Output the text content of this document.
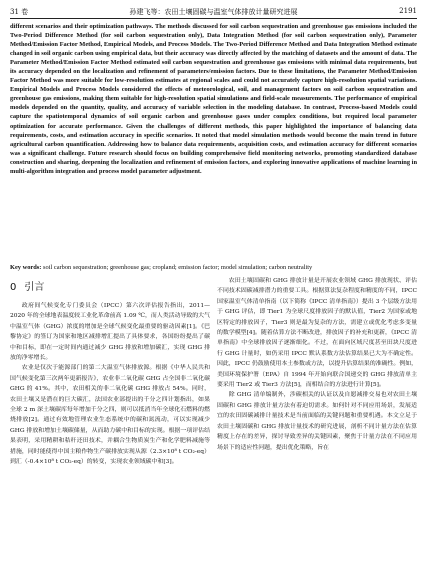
31 卷	孙建飞等：农田土壤固碳与温室气体排放计量研究进展	2191
different scenarios and their optimization pathways. The methods discussed for soil carbon sequestration and greenhouse gas emissions included the Two-Period Difference Method (for soil carbon sequestration only), Data Integration Method (for soil carbon sequestration only), Parameter Method/Emission Factor Method, Empirical Models, and Process Models. The Two-Period Difference Method and Data Integration Method estimate changed in soil organic carbon using empirical data, but their accuracy was directly affected by the matching of datasets and the amount of data. The Parameter Method/Emission Factor Method estimated soil carbon sequestration and greenhouse gas emissions with minimal data requirements, but its accuracy depended on the localization and refinement of parameters/emission factors. Due to these limitations, the Parameter Method/Emission Factor Method was more suitable for low-resolution estimates at regional scales and could not accurately capture high-resolution spatial variations. Empirical Models and Process Models considered the effects of meteorological, soil, and management factors on soil carbon sequestration and greenhouse gas emissions, making them suitable for high-resolution spatial simulations and field-scale measurements. The performance of empirical models depended on the quantity, quality, and accuracy of variable selection in the modeling database. In contrast, Process-based Models could capture the spatiotemporal dynamics of soil organic carbon and greenhouse gases under complex conditions, but required local parameter optimization for accurate performance. Given the challenges of different methods, this paper highlighted the importance of balancing data requirements, costs, and estimation accuracy in specific scenarios. It noted that model simulation methods would become the main trend in future agricultural carbon quantification. Addressing how to balance data requirements, acquisition costs, and estimation accuracy for different scenarios was a significant challenge. Future research should focus on building comprehensive field monitoring networks, promoting standardized database construction and sharing, deepening the localization and refinement of emission factors, and exploring innovative applications of machine learning in multi-algorithm integration and process model parameter adjustment.
Key words: soil carbon sequestration; greenhouse gas; cropland; emission factor; model simulation; carbon neutrality
0 引言

政府间气候变化专门委员会（IPCC）第六次评估报告指出，2011—2020 年的全球地表温度较工业化革命前高 1.09 ℃，而人类活动导致的大气中温室气体（GHG）浓度的增加是全球气候变化最重要的驱动因素[1]。《巴黎协定》的签订为国家和地区减排增汇提出了具体要求，各国纷纷提出了碳中和目标，即在一定时间内通过减少 GHG 排放和增加碳汇，实现 GHG 排放的净零增长。

农业是仅次于能源部门的第二大温室气体排放源。根据《中华人民共和国气候变化第三次两年更新报告》，农业非二氧化碳 GHG 占全国非二氧化碳 GHG 的 41%。其中，农田相关的非二氧化碳 GHG 排放占 54%。同时，农田土壤又是潜在的巨大碳汇，法国农业部提出的千分之四计划指出，如果全球 2 m 深土壤碳库每年增加千分之四，则可以抵消当年全球化石燃料的燃烧排放[2]。通过有效地管理农业生态系统中的碳和氮流动，可以实现减少 GHG 排放和增加土壤碳储量，从而助力碳中和目标的实现。根据一项评估结果表明，采用精耕和秸秆还田技术，并耦合生物质炭生产和化学肥料减施等措施，同时能使得中国主粮作物生产碳排放实现从源（2.3×10⁸ t CO₂-eq）到汇（-0.4×10⁸ t CO₂-eq）的转变，实现农业领域碳中和[3]。

农田土壤固碳和 GHG 排放计量是开展农业领域 GHG 排放现状、评估不同技术固碳减排潜力的重要工具。根据算法复杂程度和精度的不同，IPCC 国家温室气体清单指南（以下简称《IPCC 清单指南》）提出 3 个层级方法用于 GHG 评估，即 Tier1 为全球尺度排放因子的默认值，Tier2 为国家或地区特定的排放因子，Tier3 则是最为复杂的方法，需建立或优化考虑多变量的数学模型[4]。随着估算方法不断改进，排放因子的补充和更新，《IPCC 清单指南》中全球排放因子逐渐细化。不过，在面向区域尺度甚至田块尺度进行 GHG 计量时，如仍采用 IPCC 默认系数方法估算结果已大为不确定性。因此，IPCC 仍鼓励使用本土参数或方法，以提升估算结果的准确性。例如，美国环境保护署（EPA）自 1994 年开始向联合国递交的 GHG 排放清单主要采用 Tier2 或 Tier3 方法[5]，而相结合的方法进行计算[5]。

除 GHG 清单编制外，涉碳相关的认证以及自愿减排交易也对农田土壤固碳和 GHG 排放计量方法有着迫切需求。如何针对不同应用场景，发展适宜的农田固碳减排计量技术是当前面临的关键问题和重要机遇。本文立足于农田土壤固碳和 GHG 排放计量技术的研究进展，剖析不同计量方法在估算精度上存在的差异，探讨导致差异的关键因素，聚焦于计量方法在不同应用场景下的适应性问题，提出优化策略，旨在
